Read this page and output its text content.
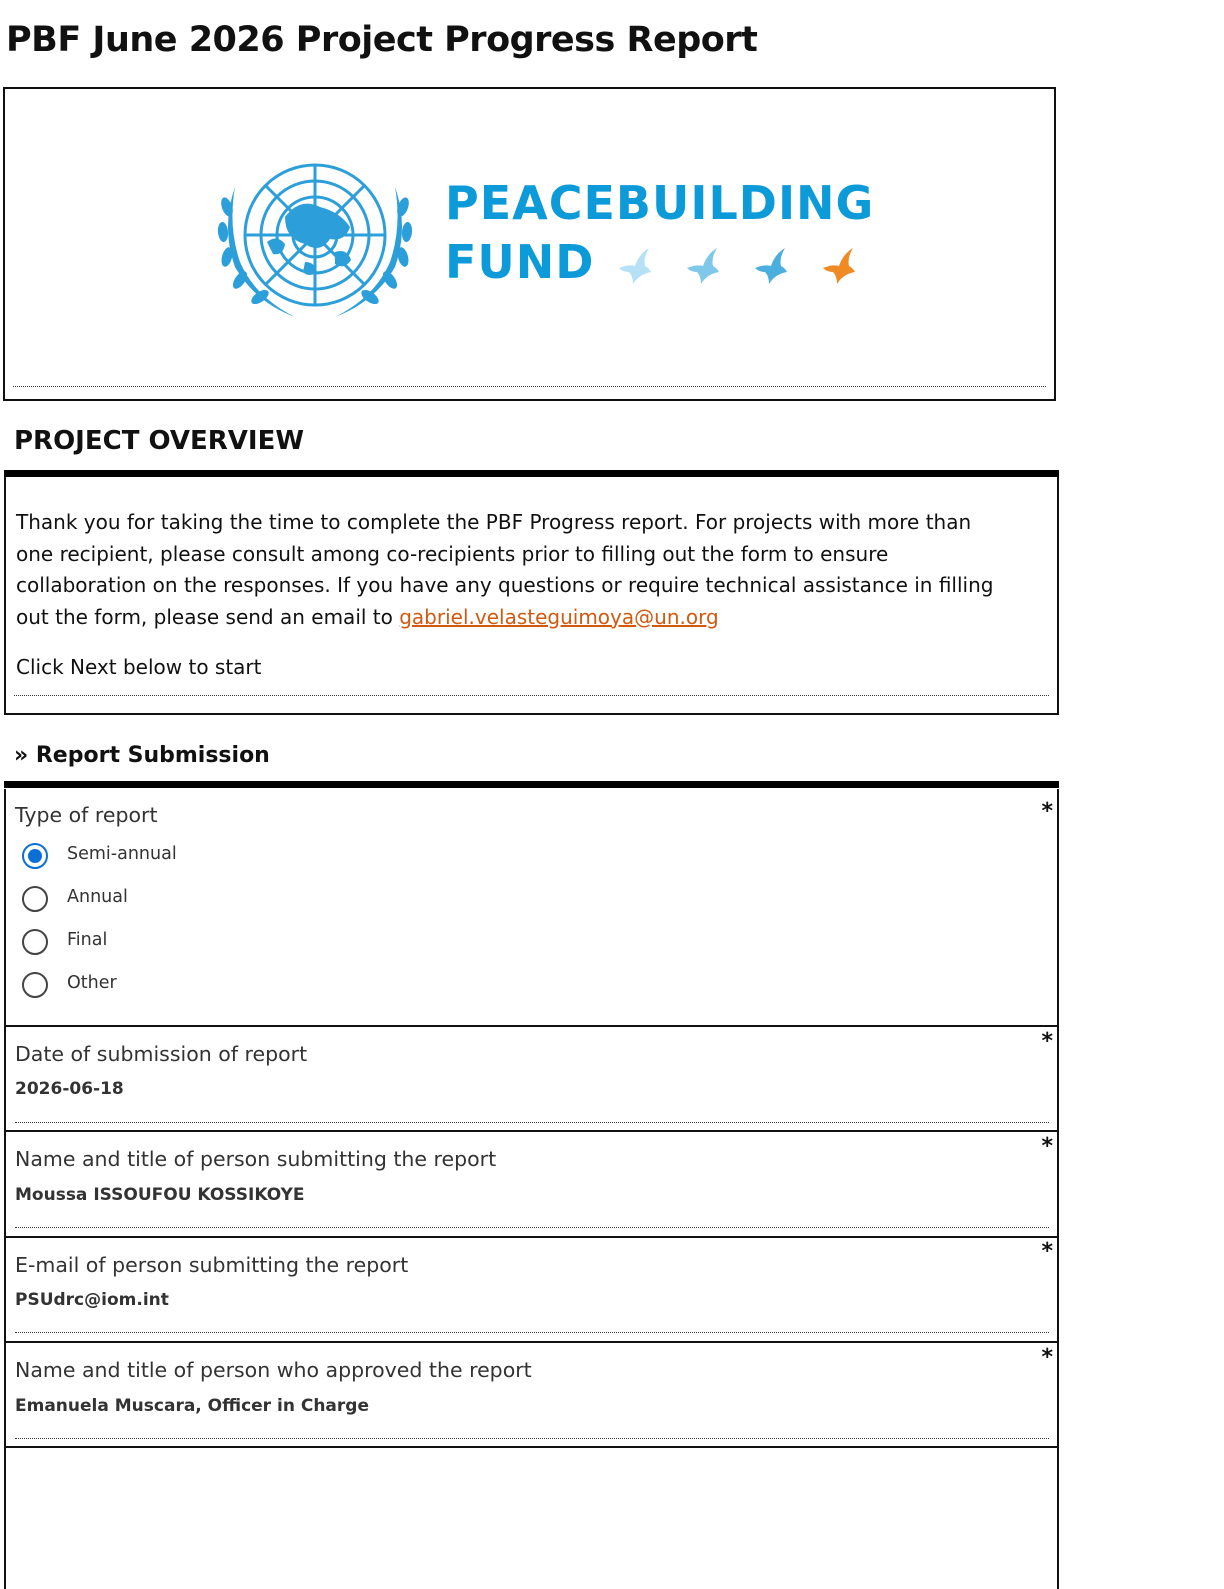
PBF June 2026 Project Progress Report
PEACEBUILDING
FUND
PROJECT OVERVIEW

Thank you for taking the time to complete the PBF Progress report. For projects with more than one recipient, please consult among co-recipients prior to filling out the form to ensure collaboration on the responses. If you have any questions or require technical assistance in filling out the form, please send an email to gabriel.velasteguimoya@un.org

Click Next below to start
» Report Submission
*
Type of report
Semi-annual
Annual
Final
Other
*
Date of submission of report
2026-06-18
*
Name and title of person submitting the report
Moussa ISSOUFOU KOSSIKOYE
*
E-mail of person submitting the report
PSUdrc@iom.int
*
Name and title of person who approved the report
Emanuela Muscara, Officer in Charge
